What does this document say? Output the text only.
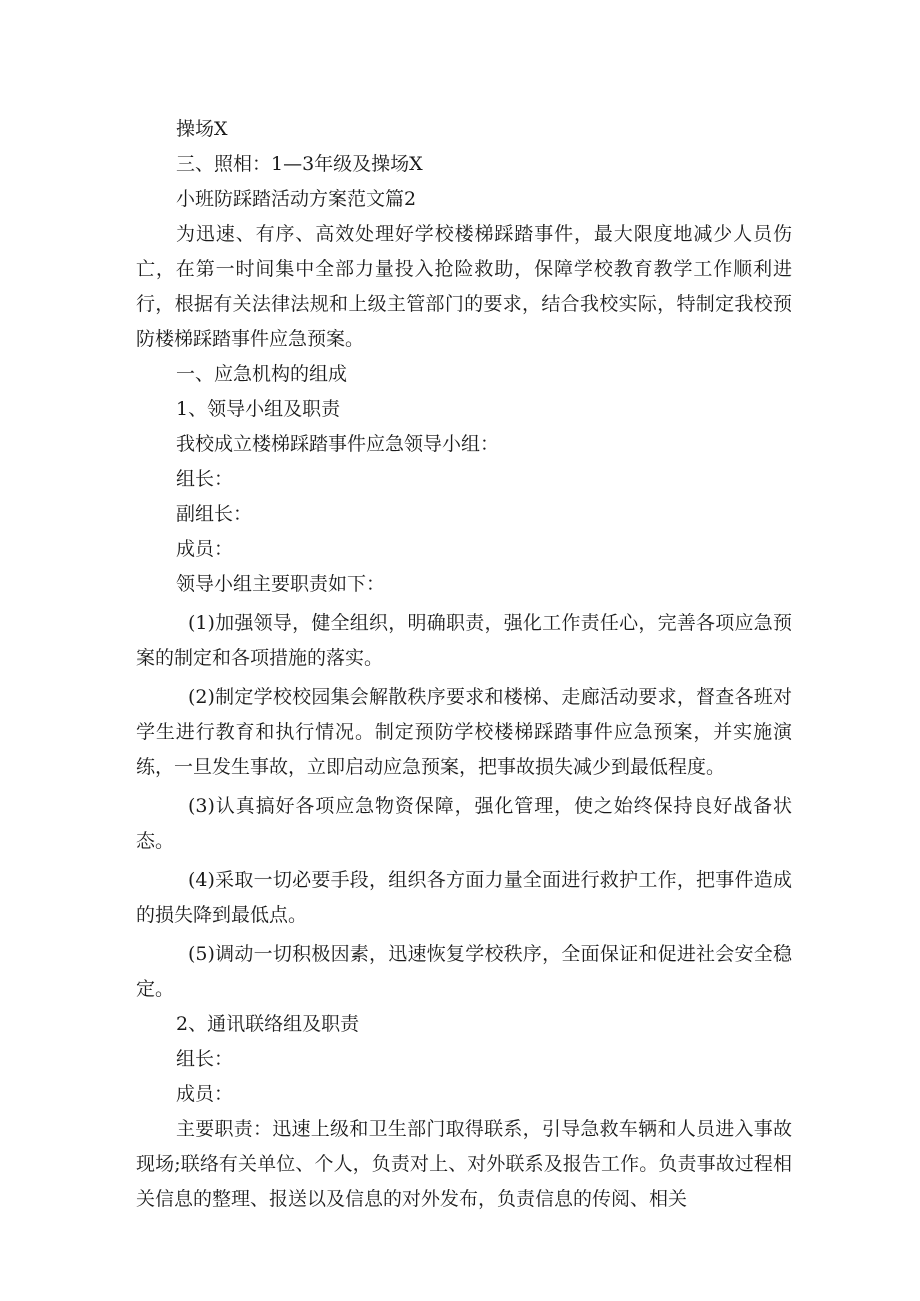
操场X
三、照相：1—3年级及操场X
小班防踩踏活动方案范文篇2
为迅速、有序、高效处理好学校楼梯踩踏事件，最大限度地减少人员伤亡，在第一时间集中全部力量投入抢险救助，保障学校教育教学工作顺利进行，根据有关法律法规和上级主管部门的要求，结合我校实际，特制定我校预防楼梯踩踏事件应急预案。
一、应急机构的组成
1、领导小组及职责
我校成立楼梯踩踏事件应急领导小组：
组长：
副组长：
成员：
领导小组主要职责如下：
(1)加强领导，健全组织，明确职责，强化工作责任心，完善各项应急预案的制定和各项措施的落实。
(2)制定学校校园集会解散秩序要求和楼梯、走廊活动要求，督查各班对学生进行教育和执行情况。制定预防学校楼梯踩踏事件应急预案，并实施演练，一旦发生事故，立即启动应急预案，把事故损失减少到最低程度。
(3)认真搞好各项应急物资保障，强化管理，使之始终保持良好战备状态。
(4)采取一切必要手段，组织各方面力量全面进行救护工作，把事件造成的损失降到最低点。
(5)调动一切积极因素，迅速恢复学校秩序，全面保证和促进社会安全稳定。
2、通讯联络组及职责
组长：
成员：
主要职责：迅速上级和卫生部门取得联系，引导急救车辆和人员进入事故现场;联络有关单位、个人，负责对上、对外联系及报告工作。负责事故过程相关信息的整理、报送以及信息的对外发布，负责信息的传阅、相关
